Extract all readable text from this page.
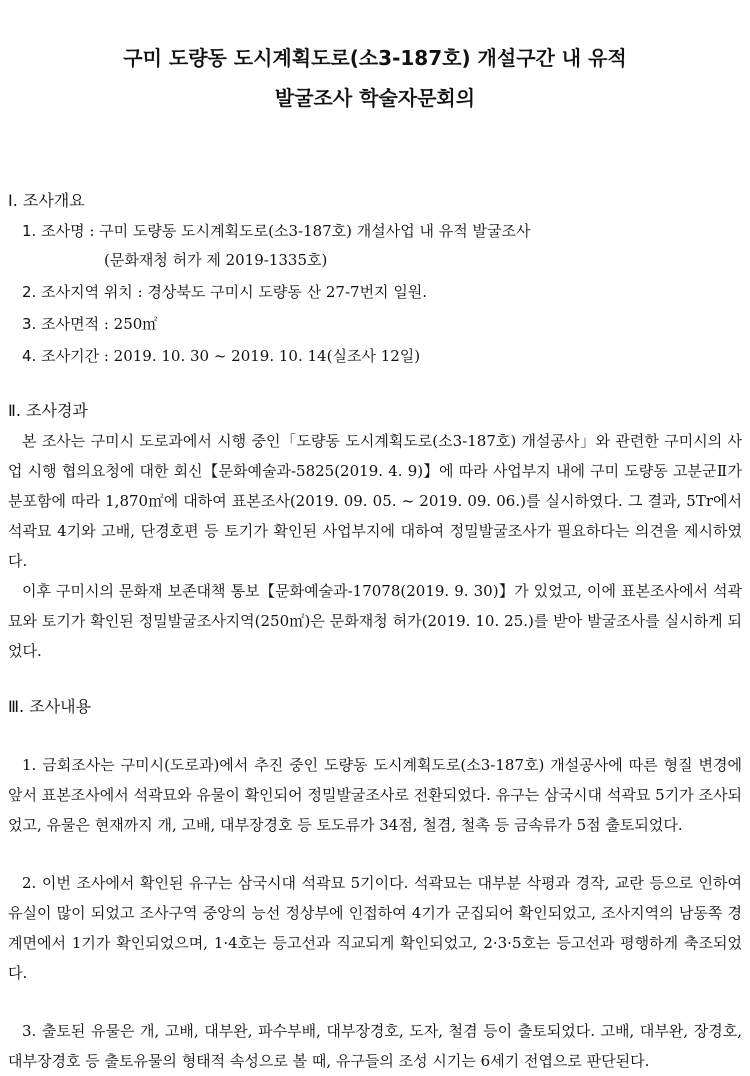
구미 도량동 도시계획도로(소3-187호) 개설구간 내 유적
발굴조사 학술자문회의
Ⅰ. 조사개요
1. 조사명 : 구미 도량동 도시계획도로(소3-187호) 개설사업 내 유적 발굴조사
(문화재청 허가 제 2019-1335호)
2. 조사지역 위치 : 경상북도 구미시 도량동 산 27-7번지 일원.
3. 조사면적 : 250㎡
4. 조사기간 : 2019. 10. 30 ~ 2019. 10. 14(실조사 12일)
Ⅱ. 조사경과

본 조사는 구미시 도로과에서 시행 중인「도량동 도시계획도로(소3-187호) 개설공사」와 관련한 구미시의 사업 시행 협의요청에 대한 회신【문화예술과-5825(2019. 4. 9)】에 따라 사업부지 내에 구미 도량동 고분군Ⅱ가 분포함에 따라 1,870㎡에 대하여 표본조사(2019. 09. 05. ~ 2019. 09. 06.)를 실시하였다. 그 결과, 5Tr에서 석곽묘 4기와 고배, 단경호편 등 토기가 확인된 사업부지에 대하여 정밀발굴조사가 필요하다는 의견을 제시하였다.

이후 구미시의 문화재 보존대책 통보【문화예술과-17078(2019. 9. 30)】가 있었고, 이에 표본조사에서 석곽묘와 토기가 확인된 정밀발굴조사지역(250㎡)은 문화재청 허가(2019. 10. 25.)를 받아 발굴조사를 실시하게 되었다.

Ⅲ. 조사내용

1. 금회조사는 구미시(도로과)에서 추진 중인 도량동 도시계획도로(소3-187호) 개설공사에 따른 형질 변경에 앞서 표본조사에서 석곽묘와 유물이 확인되어 정밀발굴조사로 전환되었다. 유구는 삼국시대 석곽묘 5기가 조사되었고, 유물은 현재까지 개, 고배, 대부장경호 등 토도류가 34점, 철겸, 철촉 등 금속류가 5점 출토되었다.

2. 이번 조사에서 확인된 유구는 삼국시대 석곽묘 5기이다. 석곽묘는 대부분 삭평과 경작, 교란 등으로 인하여 유실이 많이 되었고 조사구역 중앙의 능선 정상부에 인접하여 4기가 군집되어 확인되었고, 조사지역의 남동쪽 경계면에서 1기가 확인되었으며, 1·4호는 등고선과 직교되게 확인되었고, 2·3·5호는 등고선과 평행하게 축조되었다.

3. 출토된 유물은 개, 고배, 대부완, 파수부배, 대부장경호, 도자, 철겸 등이 출토되었다. 고배, 대부완, 장경호, 대부장경호 등 출토유물의 형태적 속성으로 볼 때, 유구들의 조성 시기는 6세기 전엽으로 판단된다.
